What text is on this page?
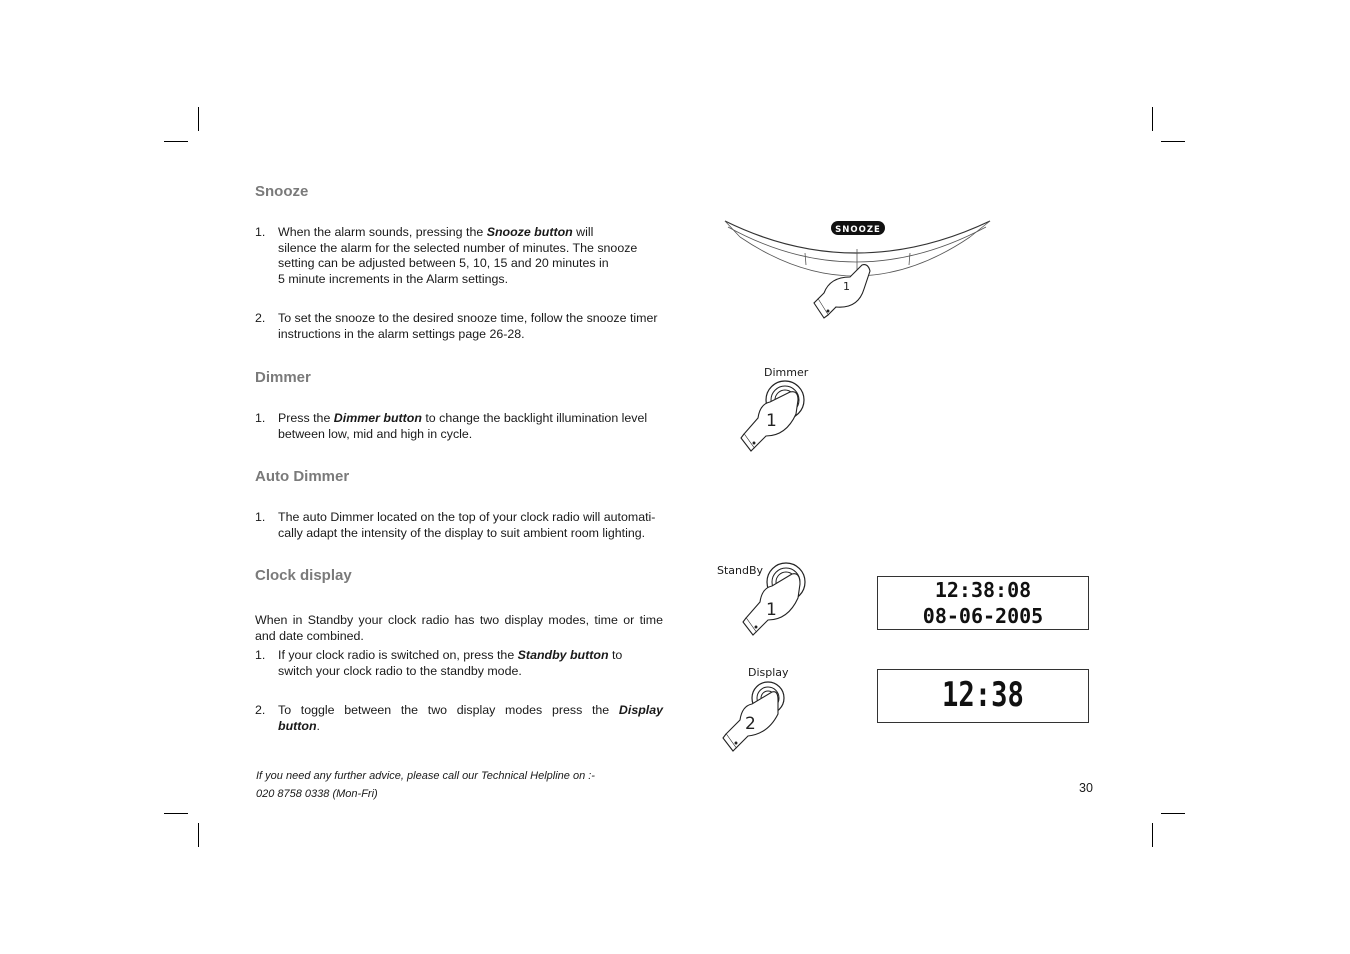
Snooze
1. When the alarm sounds, pressing the Snooze button will
silence the alarm for the selected number of minutes. The snooze
setting can be adjusted between 5, 10, 15 and 20 minutes in
5 minute increments in the Alarm settings.
2. To set the snooze to the desired snooze time, follow the snooze timer
instructions in the alarm settings page 26-28.
Dimmer
1. Press the Dimmer button to change the backlight illumination level
between low, mid and high in cycle.
Auto Dimmer
1. The auto Dimmer located on the top of your clock radio will automati-
cally adapt the intensity of the display to suit ambient room lighting.
Clock display
When in Standby your clock radio has two display modes, time or time and date combined.
1. If your clock radio is switched on, press the Standby button to
switch your clock radio to the standby mode.
2. To toggle between the two display modes press the Display
button.
If you need any further advice, please call our Technical Helpline on :-
020 8758 0338 (Mon-Fri)	30
SNOOZE
1
Dimmer
1
StandBy
1
Display
2
12:38:08
08-06-2005
12:38
